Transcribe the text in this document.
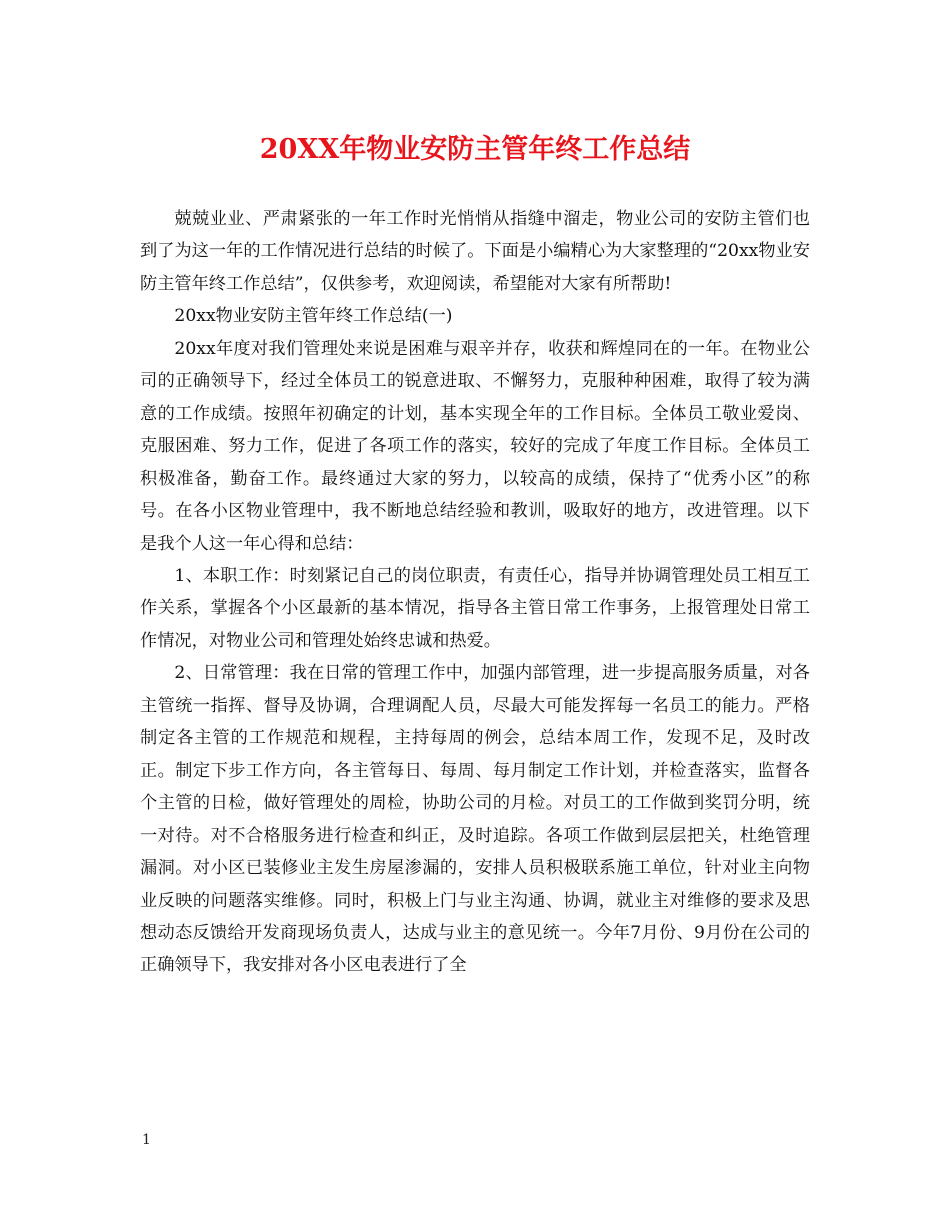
20XX年物业安防主管年终工作总结

兢兢业业、严肃紧张的一年工作时光悄悄从指缝中溜走，物业公司的安防主管们也到了为这一年的工作情况进行总结的时候了。下面是小编精心为大家整理的“20xx物业安防主管年终工作总结”，仅供参考，欢迎阅读，希望能对大家有所帮助!

20xx物业安防主管年终工作总结(一)

20xx年度对我们管理处来说是困难与艰辛并存，收获和辉煌同在的一年。在物业公司的正确领导下，经过全体员工的锐意进取、不懈努力，克服种种困难，取得了较为满意的工作成绩。按照年初确定的计划，基本实现全年的工作目标。全体员工敬业爱岗、克服困难、努力工作，促进了各项工作的落实，较好的完成了年度工作目标。全体员工积极准备，勤奋工作。最终通过大家的努力，以较高的成绩，保持了“优秀小区”的称号。在各小区物业管理中，我不断地总结经验和教训，吸取好的地方，改进管理。以下是我个人这一年心得和总结：

1、本职工作：时刻紧记自己的岗位职责，有责任心，指导并协调管理处员工相互工作关系，掌握各个小区最新的基本情况，指导各主管日常工作事务，上报管理处日常工作情况，对物业公司和管理处始终忠诚和热爱。

2、日常管理：我在日常的管理工作中，加强内部管理，进一步提高服务质量，对各主管统一指挥、督导及协调，合理调配人员，尽最大可能发挥每一名员工的能力。严格制定各主管的工作规范和规程，主持每周的例会，总结本周工作，发现不足，及时改正。制定下步工作方向，各主管每日、每周、每月制定工作计划，并检查落实，监督各个主管的日检，做好管理处的周检，协助公司的月检。对员工的工作做到奖罚分明，统一对待。对不合格服务进行检查和纠正，及时追踪。各项工作做到层层把关，杜绝管理漏洞。对小区已装修业主发生房屋渗漏的，安排人员积极联系施工单位，针对业主向物业反映的问题落实维修。同时，积极上门与业主沟通、协调，就业主对维修的要求及思想动态反馈给开发商现场负责人，达成与业主的意见统一。今年7月份、9月份在公司的正确领导下，我安排对各小区电表进行了全

1
